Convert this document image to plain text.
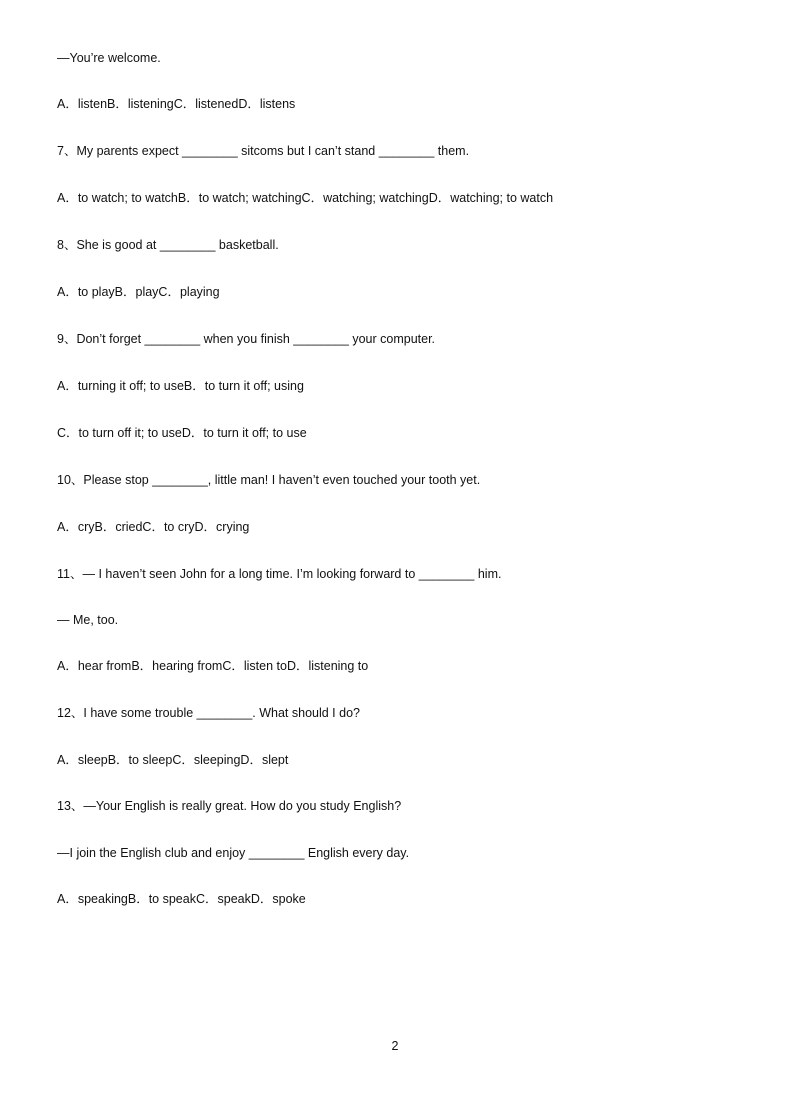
—You’re welcome.
A．listenB．listeningC．listenedD．listens
7、My parents expect ________ sitcoms but I can’t stand ________ them.
A．to watch; to watchB．to watch; watchingC．watching; watchingD．watching; to watch
8、She is good at ________ basketball.
A．to playB．playC．playing
9、Don’t forget ________ when you finish ________ your computer.
A．turning it off; to useB．to turn it off; using
C．to turn off it; to useD．to turn it off; to use
10、Please stop ________, little man! I haven’t even touched your tooth yet.
A．cryB．criedC．to cryD．crying
11、— I haven’t seen John for a long time. I’m looking forward to ________ him.
— Me, too.
A．hear fromB．hearing fromC．listen toD．listening to
12、I have some trouble ________. What should I do?
A．sleepB．to sleepC．sleepingD．slept
13、—Your English is really great. How do you study English?
—I join the English club and enjoy ________ English every day.
A．speakingB．to speakC．speakD．spoke
2
